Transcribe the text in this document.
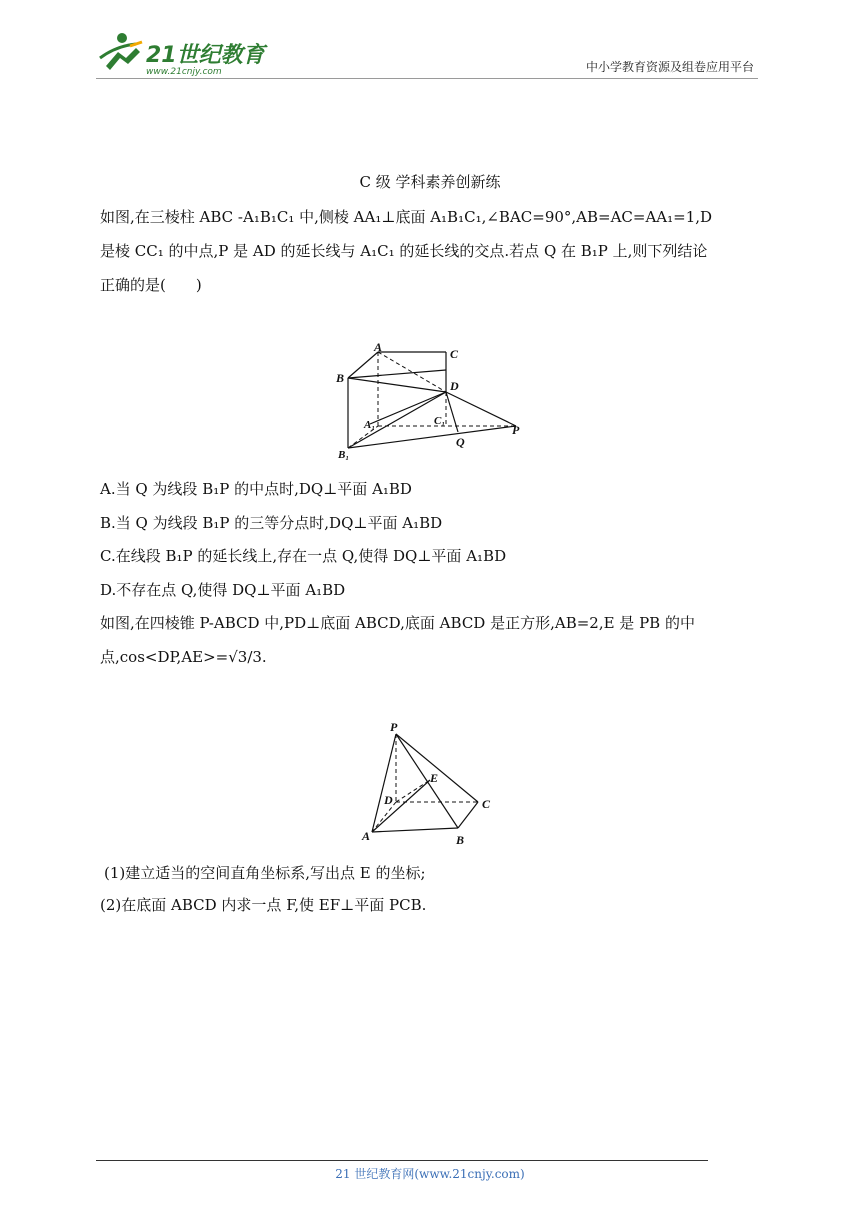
21世纪教育
www.21cnjy.com	中小学教育资源及组卷应用平台
C 级 学科素养创新练
如图,在三棱柱 ABC -A₁B₁C₁ 中,侧棱 AA₁⊥底面 A₁B₁C₁,∠BAC=90°,AB=AC=AA₁=1,D
是棱 CC₁ 的中点,P 是 AD 的延长线与 A₁C₁ 的延长线的交点.若点 Q 在 B₁P 上,则下列结论
正确的是(　　)
A	C
B
D
A₁	C₁
Q
P
B₁
A.当 Q 为线段 B₁P 的中点时,DQ⊥平面 A₁BD
B.当 Q 为线段 B₁P 的三等分点时,DQ⊥平面 A₁BD
C.在线段 B₁P 的延长线上,存在一点 Q,使得 DQ⊥平面 A₁BD
D.不存在点 Q,使得 DQ⊥平面 A₁BD
如图,在四棱锥 P-ABCD 中,PD⊥底面 ABCD,底面 ABCD 是正方形,AB=2,E 是 PB 的中
点,cos<DP,AE>=√3/3.
P
E
D	C
A	B
(1)建立适当的空间直角坐标系,写出点 E 的坐标;
(2)在底面 ABCD 内求一点 F,使 EF⊥平面 PCB.
21 世纪教育网(www.21cnjy.com)
